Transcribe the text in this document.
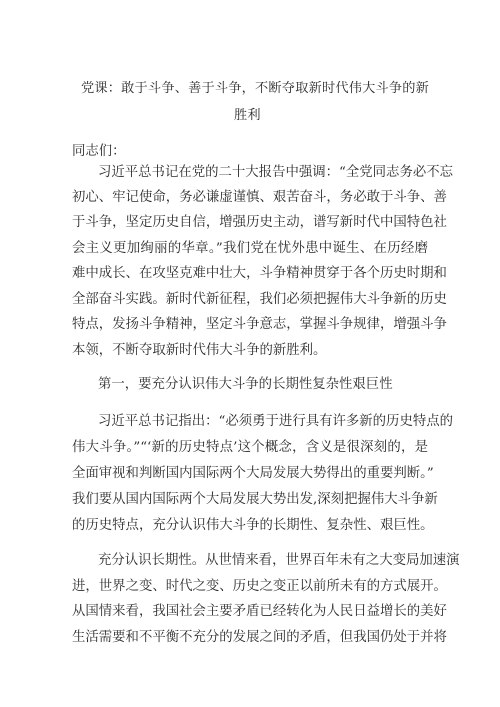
党课：敢于斗争、善于斗争，不断夺取新时代伟大斗争的新
胜利
同志们：
习近平总书记在党的二十大报告中强调：“全党同志务必不忘
初心、牢记使命，务必谦虚谨慎、艰苦奋斗，务必敢于斗争、善
于斗争，坚定历史自信，增强历史主动，谱写新时代中国特色社
会主义更加绚丽的华章。”我们党在忧外患中诞生、在历经磨
难中成长、在攻坚克难中壮大，斗争精神贯穿于各个历史时期和
全部奋斗实践。新时代新征程，我们必须把握伟大斗争新的历史
特点，发扬斗争精神，坚定斗争意志，掌握斗争规律，增强斗争
本领，不断夺取新时代伟大斗争的新胜利。
第一，要充分认识伟大斗争的长期性复杂性艰巨性
习近平总书记指出：“必须勇于进行具有许多新的历史特点的
伟大斗争。”“‘新的历史特点’这个概念，含义是很深刻的，是
全面审视和判断国内国际两个大局发展大势得出的重要判断。”
我们要从国内国际两个大局发展大势出发,深刻把握伟大斗争新
的历史特点，充分认识伟大斗争的长期性、复杂性、艰巨性。
充分认识长期性。从世情来看，世界百年未有之大变局加速演
进，世界之变、时代之变、历史之变正以前所未有的方式展开。
从国情来看，我国社会主要矛盾已经转化为人民日益增长的美好
生活需要和不平衡不充分的发展之间的矛盾，但我国仍处于并将
